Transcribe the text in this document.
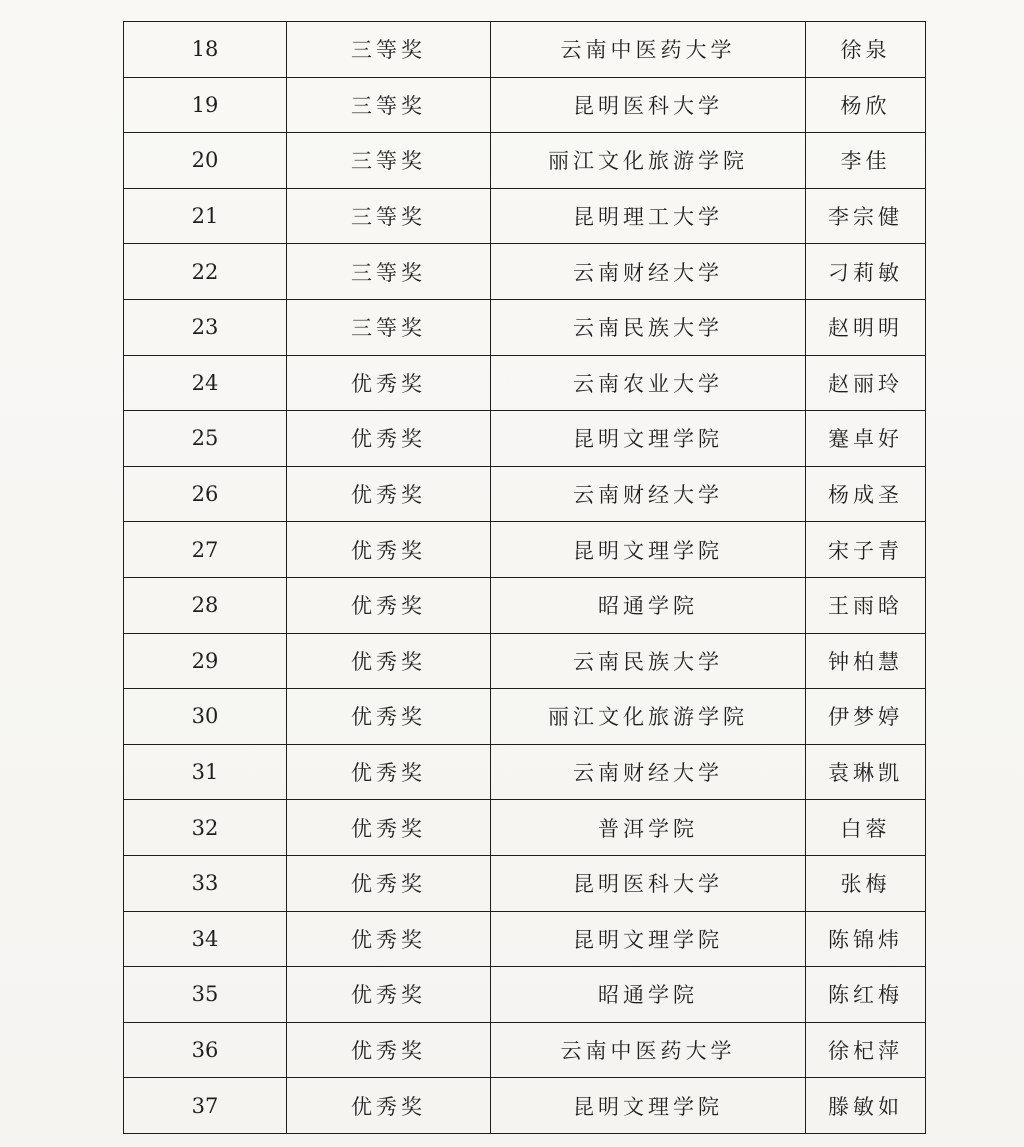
18	三等奖	云南中医药大学	徐泉
19	三等奖	昆明医科大学	杨欣
20	三等奖	丽江文化旅游学院	李佳
21	三等奖	昆明理工大学	李宗健
22	三等奖	云南财经大学	刁莉敏
23	三等奖	云南民族大学	赵明明
24	优秀奖	云南农业大学	赵丽玲
25	优秀奖	昆明文理学院	蹇卓好
26	优秀奖	云南财经大学	杨成圣
27	优秀奖	昆明文理学院	宋子青
28	优秀奖	昭通学院	王雨晗
29	优秀奖	云南民族大学	钟柏慧
30	优秀奖	丽江文化旅游学院	伊梦婷
31	优秀奖	云南财经大学	袁琳凯
32	优秀奖	普洱学院	白蓉
33	优秀奖	昆明医科大学	张梅
34	优秀奖	昆明文理学院	陈锦炜
35	优秀奖	昭通学院	陈红梅
36	优秀奖	云南中医药大学	徐杞萍
37	优秀奖	昆明文理学院	滕敏如
